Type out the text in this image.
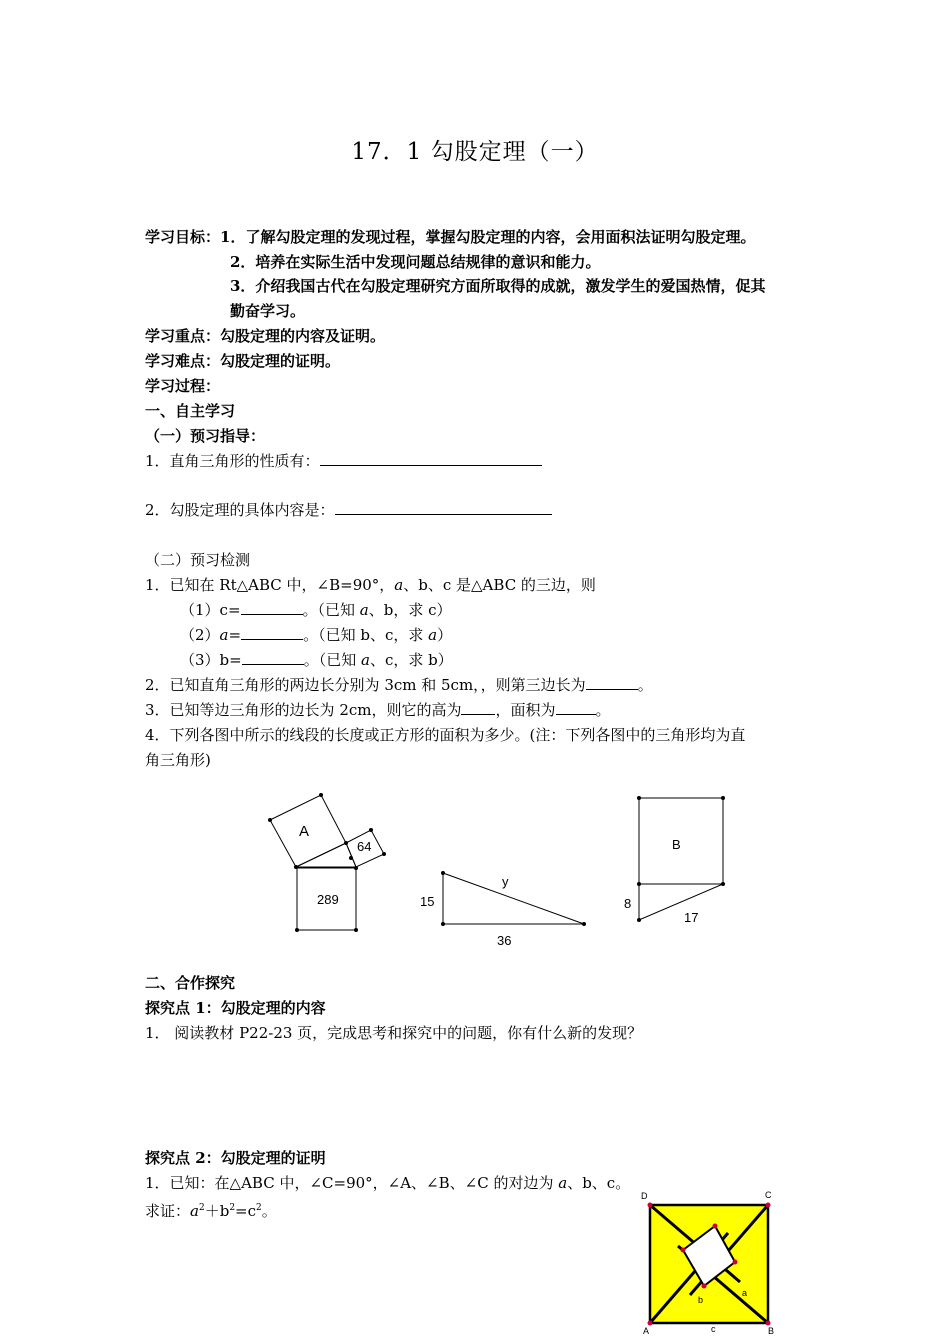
17．1 勾股定理（一）
学习目标：1．了解勾股定理的发现过程，掌握勾股定理的内容，会用面积法证明勾股定理。
2．培养在实际生活中发现问题总结规律的意识和能力。
3．介绍我国古代在勾股定理研究方面所取得的成就，激发学生的爱国热情，促其
勤奋学习。
学习重点：勾股定理的内容及证明。
学习难点：勾股定理的证明。
学习过程：
一、自主学习
（一）预习指导：
1．直角三角形的性质有：
2．勾股定理的具体内容是：
（二）预习检测
1．已知在 Rt△ABC 中，∠B=90°，a、b、c 是△ABC 的三边，则
（1）c=	。（已知 a、b，求 c）
（2）a=	。（已知 b、c，求 a）
（3）b=	。（已知 a、c，求 b）
2．已知直角三角形的两边长分别为 3cm 和 5cm，，则第三边长为	。
3．已知等边三角形的边长为 2cm，则它的高为 ，面积为	。
4．下列各图中所示的线段的长度或正方形的面积为多少。(注：下列各图中的三角形均为直
角三角形)
A
64
289
y
15
36
B
8
17
二、合作探究
探究点 1：勾股定理的内容
1． 阅读教材 P22-23 页，完成思考和探究中的问题，你有什么新的发现？
探究点 2：勾股定理的证明
1．已知：在△ABC 中，∠C=90°，∠A、∠B、∠C 的对边为 a、b、c。
求证：$a^2+b^2=c^2$。
D	C
A	B
a
b
c
